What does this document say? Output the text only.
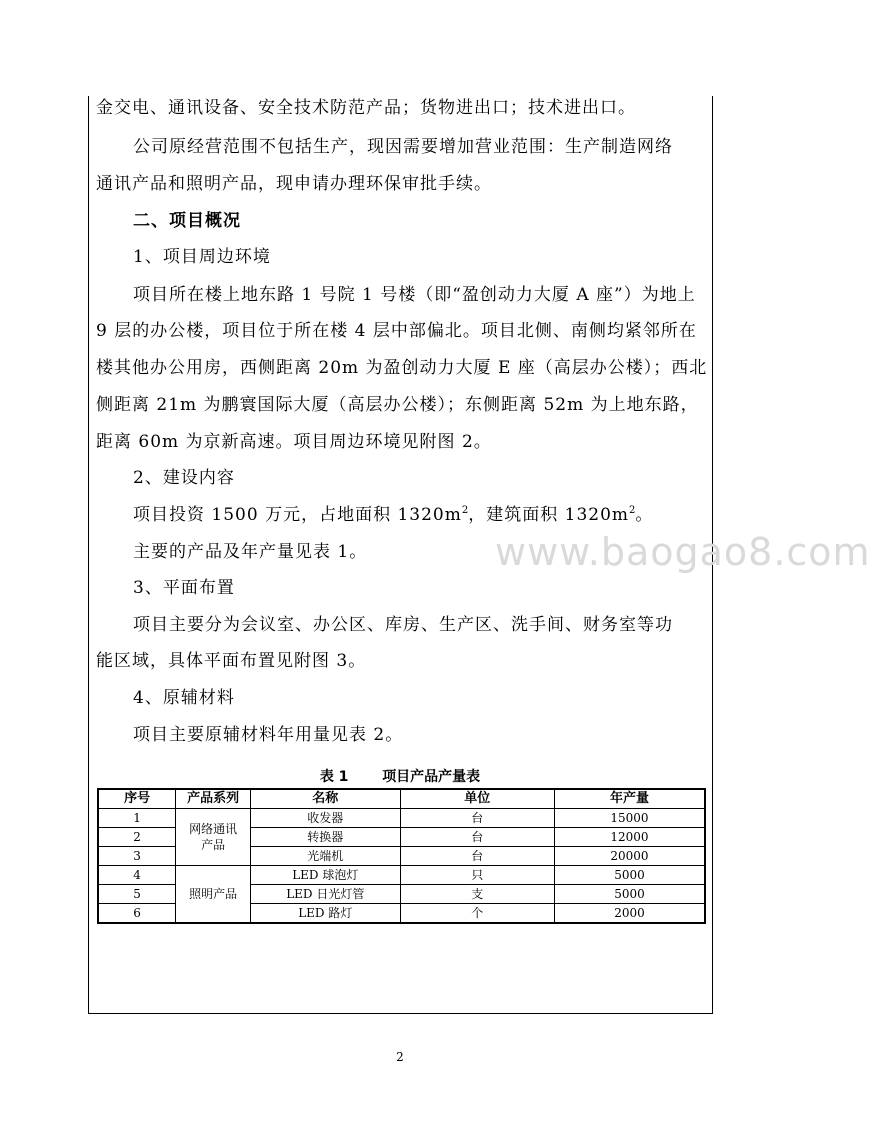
金交电、通讯设备、安全技术防范产品；货物进出口；技术进出口。
公司原经营范围不包括生产，现因需要增加营业范围：生产制造网络
通讯产品和照明产品，现申请办理环保审批手续。
二、项目概况
1、项目周边环境
项目所在楼上地东路 1 号院 1 号楼（即“盈创动力大厦 A 座”）为地上
9 层的办公楼，项目位于所在楼 4 层中部偏北。项目北侧、南侧均紧邻所在
楼其他办公用房，西侧距离 20m 为盈创动力大厦 E 座（高层办公楼）；西北
侧距离 21m 为鹏寰国际大厦（高层办公楼）；东侧距离 52m 为上地东路，
距离 60m 为京新高速。项目周边环境见附图 2。
2、建设内容
项目投资 1500 万元，占地面积 $1320m^2$，建筑面积 $1320m^2$。
主要的产品及年产量见表 1。
3、平面布置
项目主要分为会议室、办公区、库房、生产区、洗手间、财务室等功
能区域，具体平面布置见附图 3。
4、原辅材料
项目主要原辅材料年用量见表 2。
www.baogao8.com
表 1 项目产品产量表
序号	产品系列	名称	单位	年产量
1	网络通讯产品	收发器	台	15000
2		转换器	台	12000
3		光端机	台	20000
4	照明产品	LED 球泡灯	只	5000
5		LED 日光灯管	支	5000
6		LED 路灯	个	2000
2
